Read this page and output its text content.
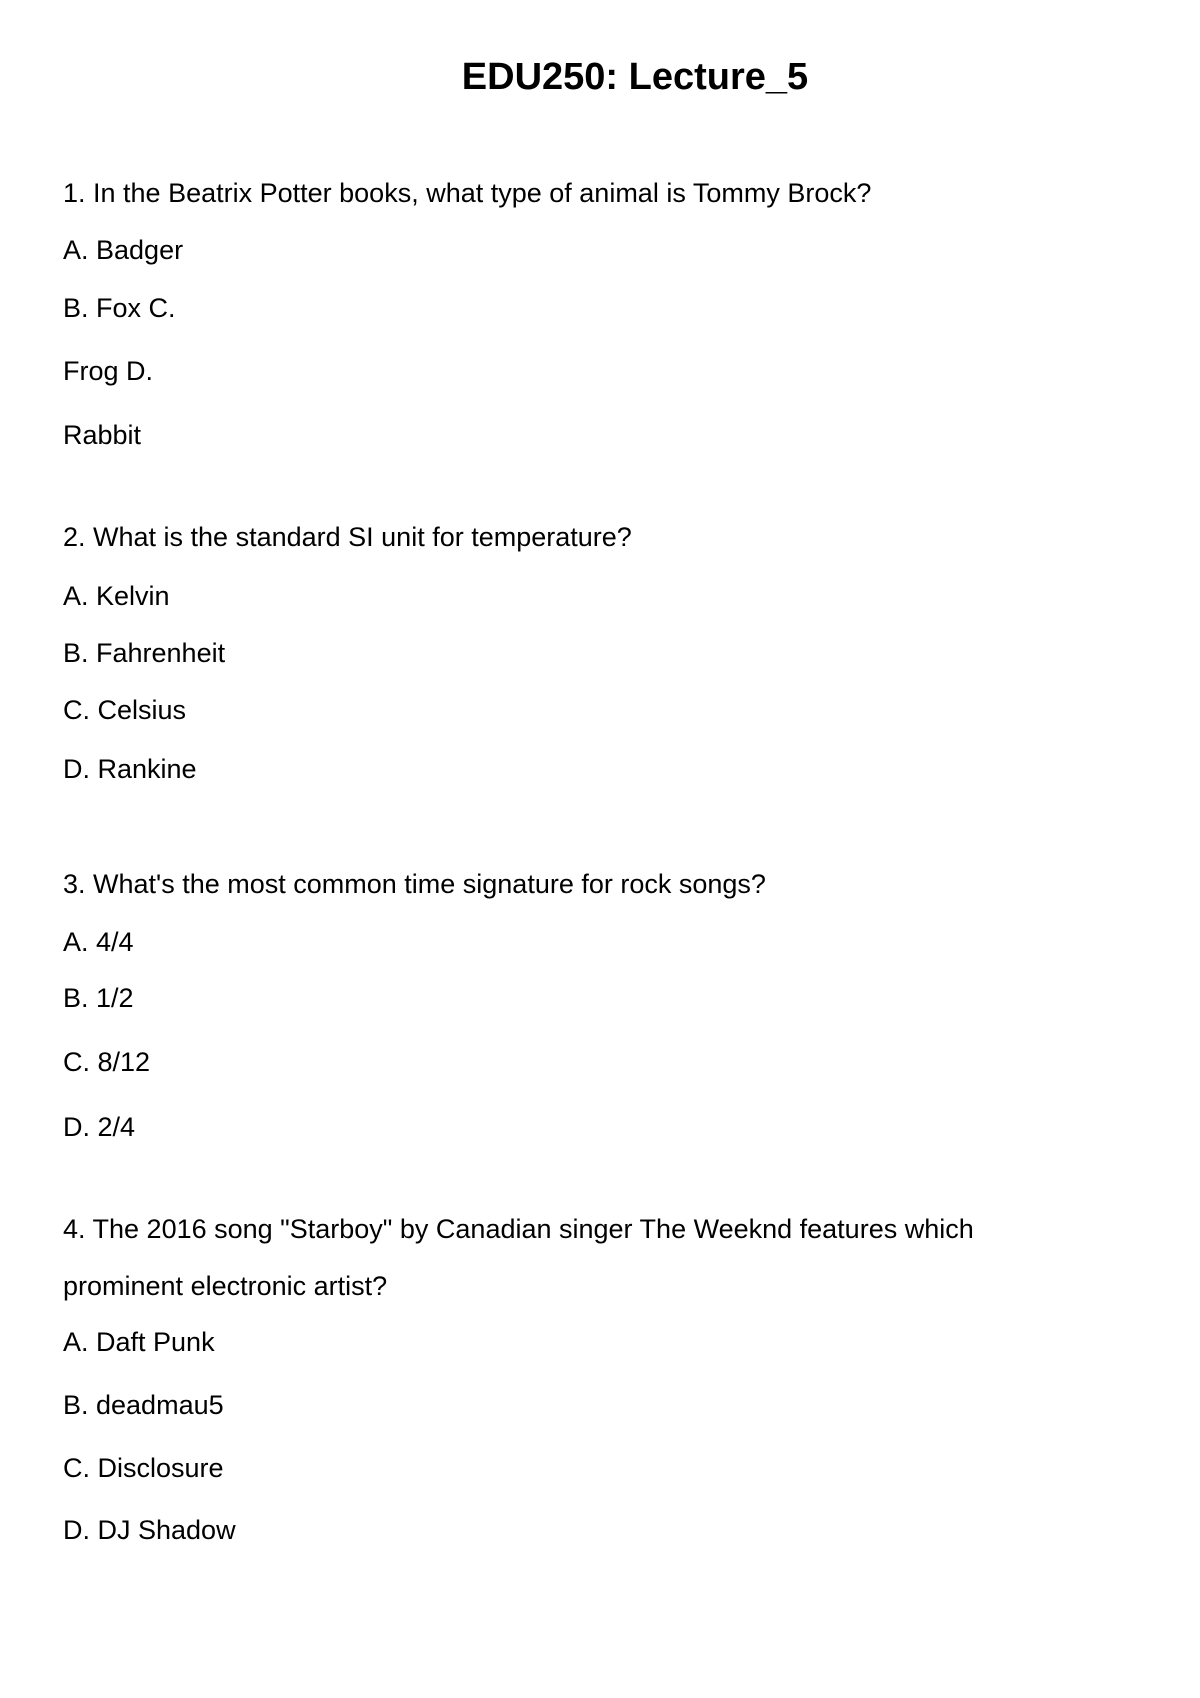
EDU250: Lecture_5
1. In the Beatrix Potter books, what type of animal is Tommy Brock?
A. Badger
B. Fox C.
Frog D.
Rabbit
2. What is the standard SI unit for temperature?
A. Kelvin
B. Fahrenheit
C. Celsius
D. Rankine
3. What's the most common time signature for rock songs?
A. 4/4
B. 1/2
C. 8/12
D. 2/4
4. The 2016 song "Starboy" by Canadian singer The Weeknd features which
prominent electronic artist?
A. Daft Punk
B. deadmau5
C. Disclosure
D. DJ Shadow
